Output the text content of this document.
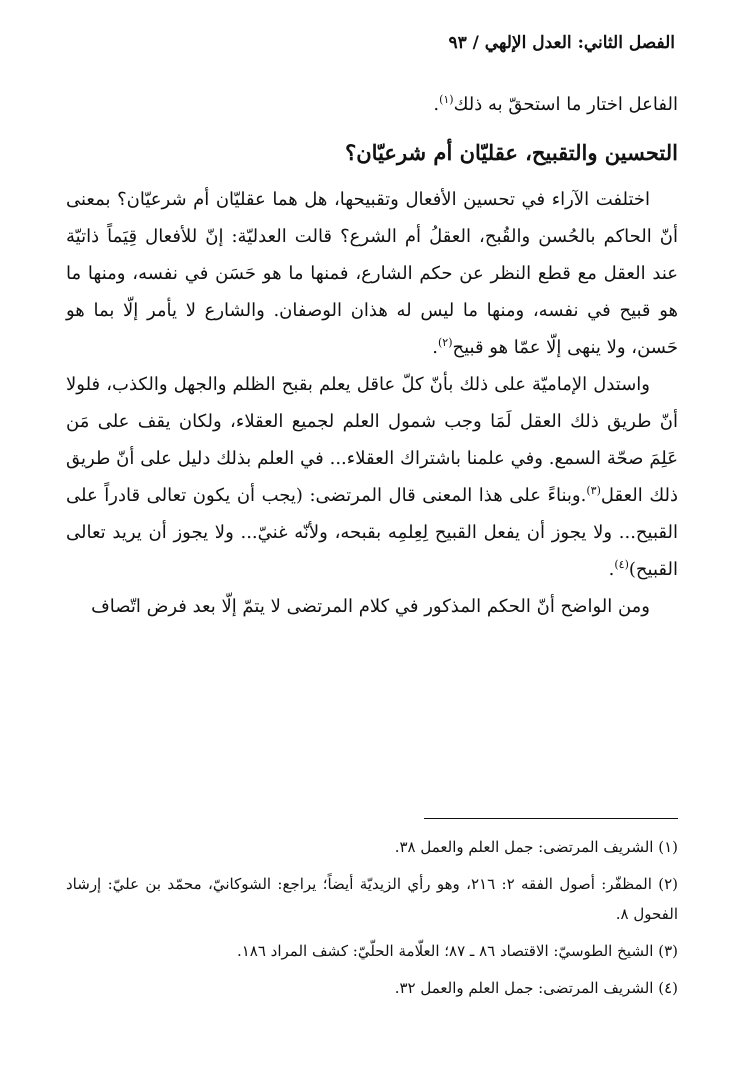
الفصل الثاني: العدل الإلهي / ٩٣

الفاعل اختار ما استحقّ به ذلك$^{(١)}$.

التحسين والتقبيح، عقليّان أم شرعيّان؟

اختلفت الآراء في تحسين الأفعال وتقبيحها، هل هما عقليّان أم شرعيّان؟ بمعنى أنّ الحاكم بالحُسن والقُبح، العقلُ أم الشرع؟ قالت العدليّة: إنّ للأفعال قِيَماً ذاتيّة عند العقل مع قطع النظر عن حكم الشارع، فمنها ما هو حَسَن في نفسه، ومنها ما هو قبيح في نفسه، ومنها ما ليس له هذان الوصفان. والشارع لا يأمر إلّا بما هو حَسن، ولا ينهى إلّا عمّا هو قبيح$^{(٢)}$.

واستدل الإماميّة على ذلك بأنّ كلّ عاقل يعلم بقبح الظلم والجهل والكذب، فلولا أنّ طريق ذلك العقل لَمَا وجب شمول العلم لجميع العقلاء، ولكان يقف على مَن عَلِمَ صحّة السمع. وفي علمنا باشتراك العقلاء... في العلم بذلك دليل على أنّ طريق ذلك العقل$^{(٣)}$.وبناءً على هذا المعنى قال المرتضى: (يجب أن يكون تعالى قادراً على القبيح... ولا يجوز أن يفعل القبيح لِعِلمِه بقبحه، ولأنّه غنيّ... ولا يجوز أن يريد تعالى القبيح)$^{(٤)}$.

ومن الواضح أنّ الحكم المذكور في كلام المرتضى لا يتمّ إلّا بعد فرض اتّصاف

(١) الشريف المرتضى: جمل العلم والعمل ٣٨.

(٢) المظفّر: أصول الفقه ٢: ٢١٦، وهو رأي الزيديّة أيضاً؛ يراجع: الشوكانيّ، محمّد بن عليّ: إرشاد الفحول ٨.

(٣) الشيخ الطوسيّ: الاقتصاد ٨٦ ـ ٨٧؛ العلّامة الحلّيّ: كشف المراد ١٨٦.

(٤) الشريف المرتضى: جمل العلم والعمل ٣٢.
